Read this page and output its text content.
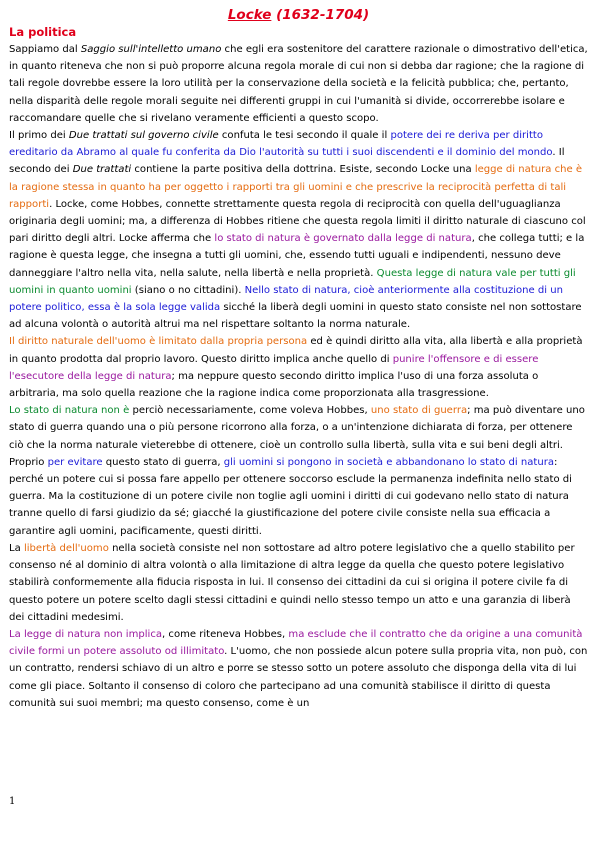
Locke (1632-1704)
La politica

Sappiamo dal Saggio sull'intelletto umano che egli era sostenitore del carattere razionale o dimostrativo dell'etica, in quanto riteneva che non si può proporre alcuna regola morale di cui non si debba dar ragione; che la ragione di tali regole dovrebbe essere la loro utilità per la conservazione della società e la felicità pubblica; che, pertanto, nella disparità delle regole morali seguite nei differenti gruppi in cui l'umanità si divide, occorrerebbe isolare e raccomandare quelle che si rivelano veramente efficienti a questo scopo.

Il primo dei Due trattati sul governo civile confuta le tesi secondo il quale il potere dei re deriva per diritto ereditario da Abramo al quale fu conferita da Dio l'autorità su tutti i suoi discendenti e il dominio del mondo. Il secondo dei Due trattati contiene la parte positiva della dottrina. Esiste, secondo Locke una legge di natura che è la ragione stessa in quanto ha per oggetto i rapporti tra gli uomini e che prescrive la reciprocità perfetta di tali rapporti. Locke, come Hobbes, connette strettamente questa regola di reciprocità con quella dell'uguaglianza originaria degli uomini; ma, a differenza di Hobbes ritiene che questa regola limiti il diritto naturale di ciascuno col pari diritto degli altri. Locke afferma che lo stato di natura è governato dalla legge di natura, che collega tutti; e la ragione è questa legge, che insegna a tutti gli uomini, che, essendo tutti uguali e indipendenti, nessuno deve danneggiare l'altro nella vita, nella salute, nella libertà e nella proprietà. Questa legge di natura vale per tutti gli uomini in quanto uomini (siano o no cittadini). Nello stato di natura, cioè anteriormente alla costituzione di un potere politico, essa è la sola legge valida sicché la liberà degli uomini in questo stato consiste nel non sottostare ad alcuna volontà o autorità altrui ma nel rispettare soltanto la norma naturale.

Il diritto naturale dell'uomo è limitato dalla propria persona ed è quindi diritto alla vita, alla libertà e alla proprietà in quanto prodotta dal proprio lavoro. Questo diritto implica anche quello di punire l'offensore e di essere l'esecutore della legge di natura; ma neppure questo secondo diritto implica l'uso di una forza assoluta o arbitraria, ma solo quella reazione che la ragione indica come proporzionata alla trasgressione.

Lo stato di natura non è perciò necessariamente, come voleva Hobbes, uno stato di guerra; ma può diventare uno stato di guerra quando una o più persone ricorrono alla forza, o a un'intenzione dichiarata di forza, per ottenere ciò che la norma naturale vieterebbe di ottenere, cioè un controllo sulla libertà, sulla vita e sui beni degli altri. Proprio per evitare questo stato di guerra, gli uomini si pongono in società e abbandonano lo stato di natura: perché un potere cui si possa fare appello per ottenere soccorso esclude la permanenza indefinita nello stato di guerra. Ma la costituzione di un potere civile non toglie agli uomini i diritti di cui godevano nello stato di natura tranne quello di farsi giudizio da sé; giacché la giustificazione del potere civile consiste nella sua efficacia a garantire agli uomini, pacificamente, questi diritti.

La libertà dell'uomo nella società consiste nel non sottostare ad altro potere legislativo che a quello stabilito per consenso né al dominio di altra volontà o alla limitazione di altra legge da quella che questo potere legislativo stabilirà conformemente alla fiducia risposta in lui. Il consenso dei cittadini da cui si origina il potere civile fa di questo potere un potere scelto dagli stessi cittadini e quindi nello stesso tempo un atto e una garanzia di liberà dei cittadini medesimi.

La legge di natura non implica, come riteneva Hobbes, ma esclude che il contratto che da origine a una comunità civile formi un potere assoluto od illimitato. L'uomo, che non possiede alcun potere sulla propria vita, non può, con un contratto, rendersi schiavo di un altro e porre se stesso sotto un potere assoluto che disponga della vita di lui come gli piace. Soltanto il consenso di coloro che partecipano ad una comunità stabilisce il diritto di questa comunità sui suoi membri; ma questo consenso, come è un

1
